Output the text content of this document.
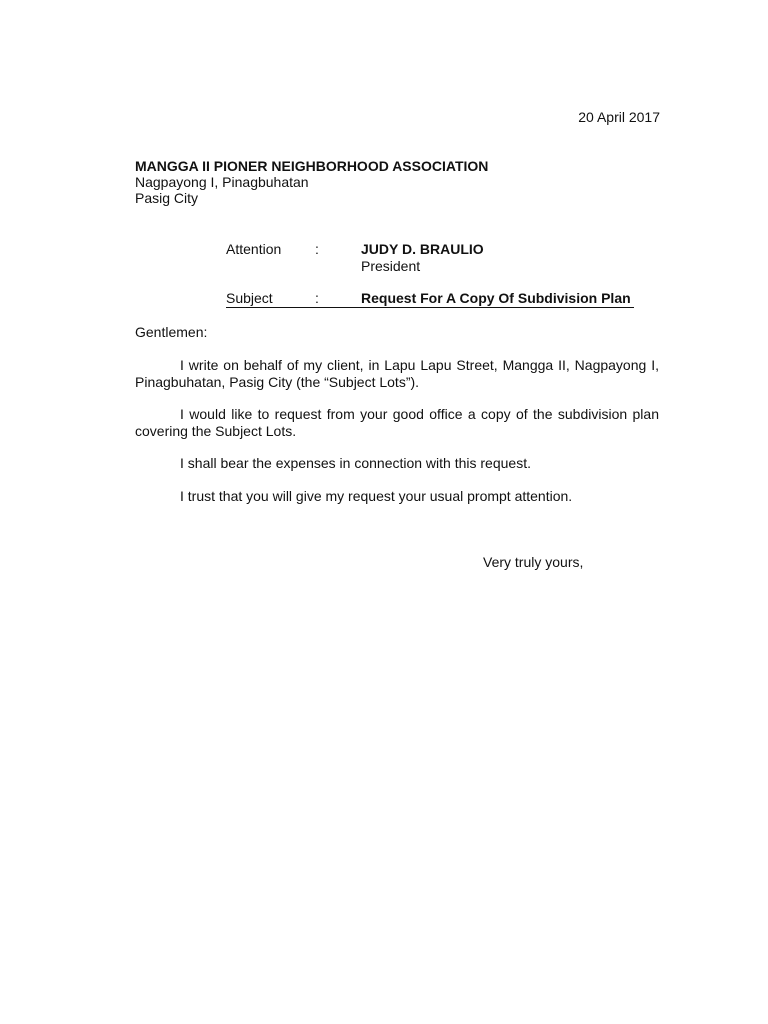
20 April 2017
MANGGA II PIONER NEIGHBORHOOD ASSOCIATION
Nagpayong I, Pinagbuhatan
Pasig City
Attention :	JUDY D. BRAULIO
President
Subject	:	Request For A Copy Of Subdivision Plan
Gentlemen:

I write on behalf of my client, in Lapu Lapu Street, Mangga II, Nagpayong I, Pinagbuhatan, Pasig City (the “Subject Lots”).

I would like to request from your good office a copy of the subdivision plan covering the Subject Lots.

I shall bear the expenses in connection with this request.

I trust that you will give my request your usual prompt attention.

Very truly yours,
